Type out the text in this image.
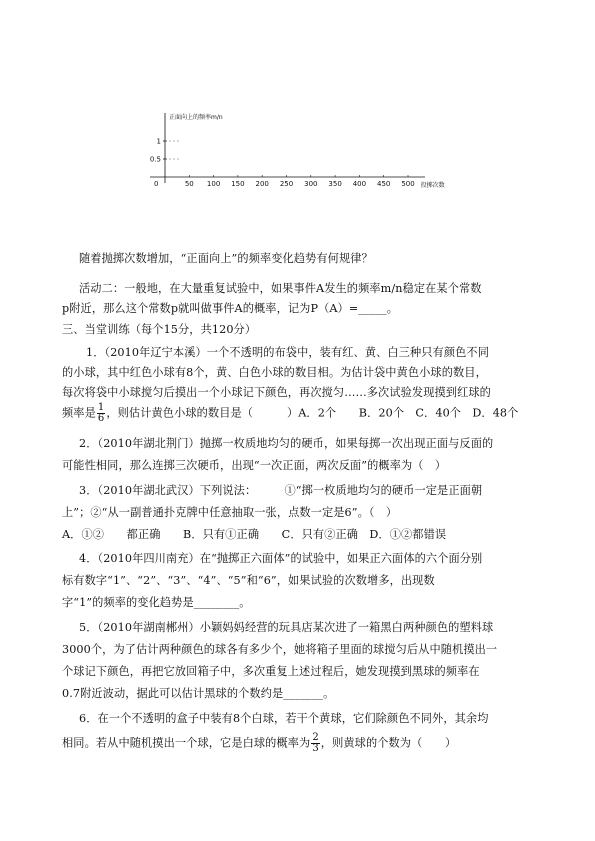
正面向上的频率m/n
投掷次数
0	50 100 150 200 250 300 350 400 450 500
1
0.5
随着抛掷次数增加，“正面向上”的频率变化趋势有何规律？
活动二：一般地，在大量重复试验中，如果事件A发生的频率m/n稳定在某个常数
p附近，那么这个常数p就叫做事件A的概率，记为P（A）=_____。
三、当堂训练（每个15分，共120分）
1．（2010年辽宁本溪）一个不透明的布袋中，装有红、黄、白三种只有颜色不同
的小球，其中红色小球有8个，黄、白色小球的数目相。为估计袋中黄色小球的数目，
每次将袋中小球搅匀后摸出一个小球记下颜色，再次搅匀……多次试验发现摸到红球的
频率是 $\frac{1}{6}$ ，则估计黄色小球的数目是（　　　）A．2个　　B．20个　C．40个　D．48个
2．（2010年湖北荆门）抛掷一枚质地均匀的硬币，如果每掷一次出现正面与反面的
可能性相同，那么连掷三次硬币，出现“一次正面，两次反面”的概率为（　）
3．（2010年湖北武汉）下列说法：　　　①“掷一枚质地均匀的硬币一定是正面朝
上”；②“从一副普通扑克牌中任意抽取一张，点数一定是6”。（　）
A．①②　　都正确　　B．只有①正确　　C．只有②正确　D．①②都错误
4．（2010年四川南充）在“抛掷正六面体”的试验中，如果正六面体的六个面分别
标有数字“1”、“2”、“3”、“4”、“5”和“6”，如果试验的次数增多，出现数
字“1”的频率的变化趋势是________。
5．（2010年湖南郴州）小颖妈妈经营的玩具店某次进了一箱黑白两种颜色的塑料球
3000个，为了估计两种颜色的球各有多少个，她将箱子里面的球搅匀后从中随机摸出一
个球记下颜色，再把它放回箱子中，多次重复上述过程后，她发现摸到黑球的频率在
0.7附近波动，据此可以估计黑球的个数约是_______。
6．在一个不透明的盒子中装有8个白球，若干个黄球，它们除颜色不同外，其余均
相同。若从中随机摸出一个球，它是白球的概率为 $\frac{2}{3}$ ，则黄球的个数为（　　）
